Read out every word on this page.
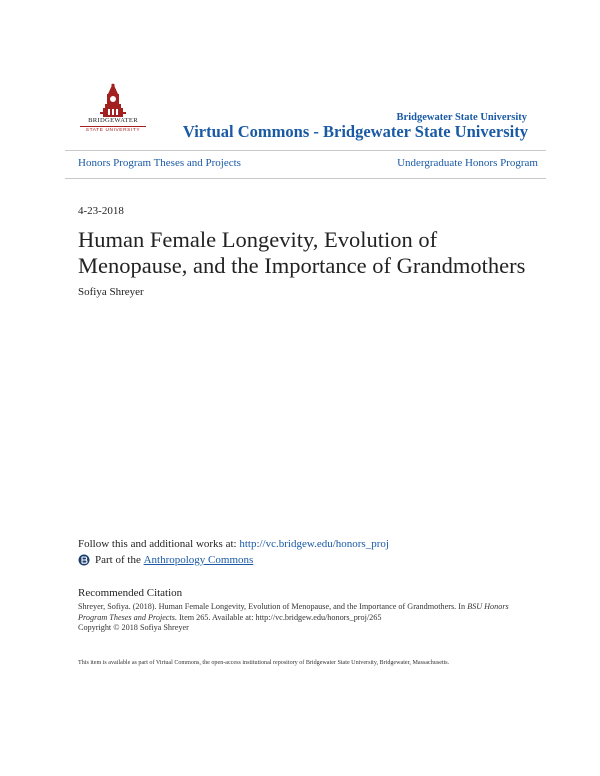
BRIDGEWATER
STATE UNIVERSITY
Bridgewater State University
Virtual Commons - Bridgewater State University
Honors Program Theses and Projects	Undergraduate Honors Program
4-23-2018
Human Female Longevity, Evolution of
Menopause, and the Importance of Grandmothers
Sofiya Shreyer
Follow this and additional works at: http://vc.bridgew.edu/honors_proj
Part of the Anthropology Commons
Recommended Citation
Shreyer, Sofiya. (2018). Human Female Longevity, Evolution of Menopause, and the Importance of Grandmothers. In BSU Honors
Program Theses and Projects. Item 265. Available at: http://vc.bridgew.edu/honors_proj/265
Copyright © 2018 Sofiya Shreyer
This item is available as part of Virtual Commons, the open-access institutional repository of Bridgewater State University, Bridgewater, Massachusetts.
